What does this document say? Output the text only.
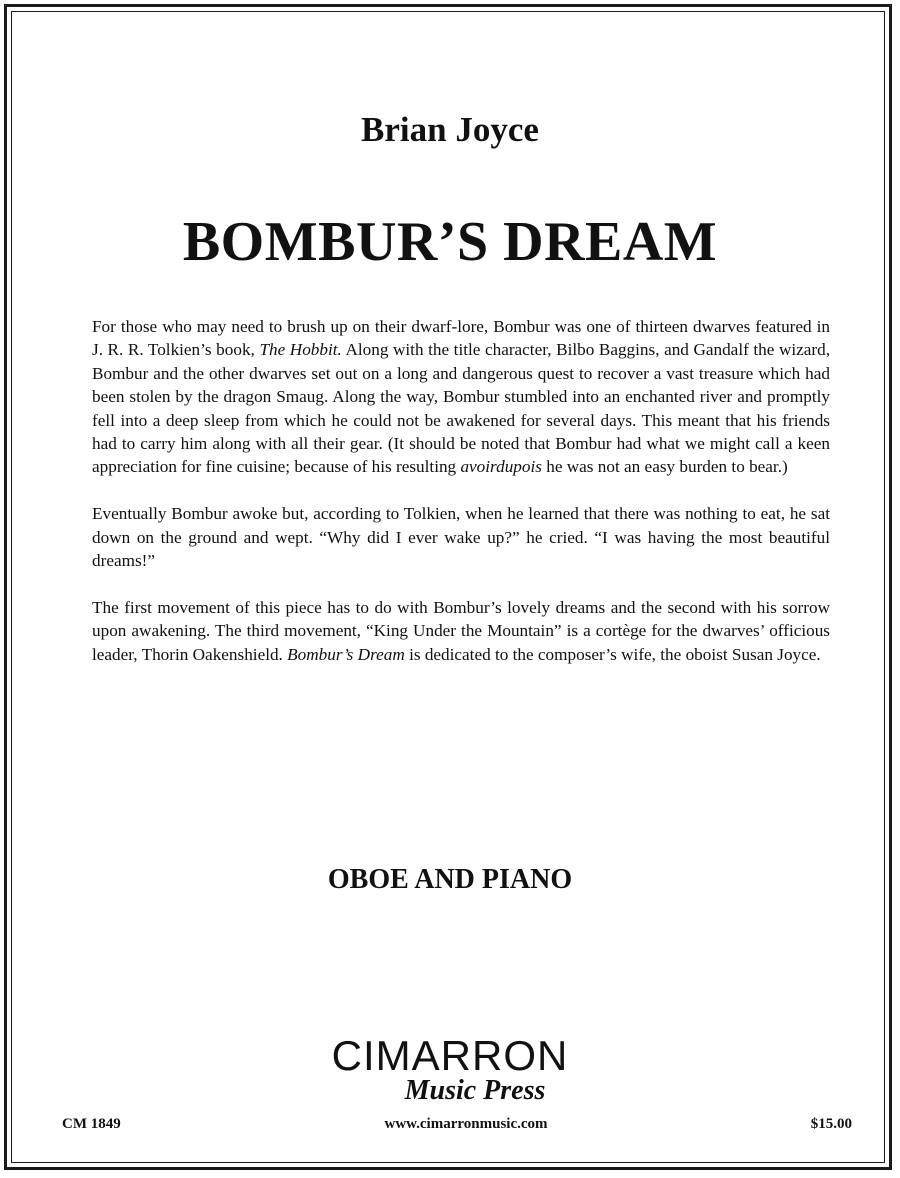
Brian Joyce
BOMBUR’S DREAM

For those who may need to brush up on their dwarf-lore, Bombur was one of thirteen dwarves featured in J. R. R. Tolkien’s book, The Hobbit. Along with the title character, Bilbo Baggins, and Gandalf the wizard, Bombur and the other dwarves set out on a long and dangerous quest to recover a vast treasure which had been stolen by the dragon Smaug. Along the way, Bombur stumbled into an enchanted river and promptly fell into a deep sleep from which he could not be awakened for several days. This meant that his friends had to carry him along with all their gear. (It should be noted that Bombur had what we might call a keen appreciation for fine cuisine; because of his resulting avoirdupois he was not an easy burden to bear.)

Eventually Bombur awoke but, according to Tolkien, when he learned that there was nothing to eat, he sat down on the ground and wept. “Why did I ever wake up?” he cried. “I was having the most beautiful dreams!”

The first movement of this piece has to do with Bombur’s lovely dreams and the second with his sorrow upon awakening. The third movement, “King Under the Mountain” is a cortège for the dwarves’ officious leader, Thorin Oakenshield. Bombur’s Dream is dedicated to the composer’s wife, the oboist Susan Joyce.

OBOE AND PIANO
CIMARRON
Music Press
CM 1849	www.cimarronmusic.com	$15.00
